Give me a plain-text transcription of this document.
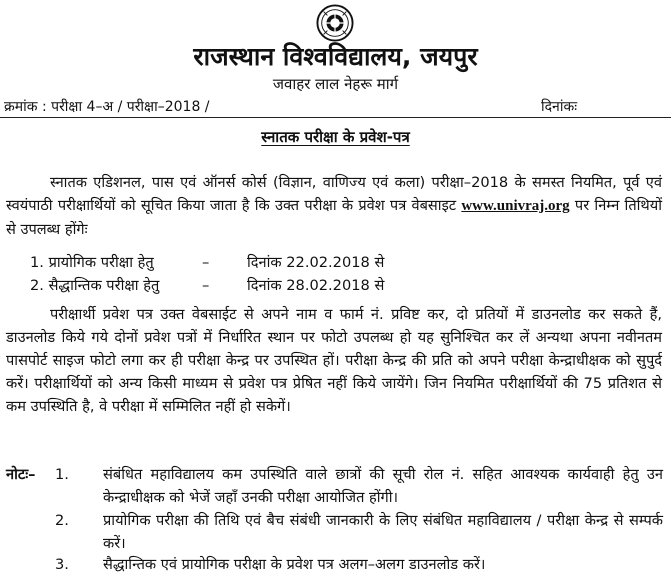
राजस्थान विश्वविद्यालय, जयपुर
जवाहर लाल नेहरू मार्ग
क्रमांक : परीक्षा 4–अ / परीक्षा–2018 /	दिनांकः
स्नातक परीक्षा के प्रवेश-पत्र

स्नातक एडिशनल, पास एवं ऑनर्स कोर्स (विज्ञान, वाणिज्य एवं कला) परीक्षा–2018 के समस्त नियमित, पूर्व एवं स्वयंपाठी परीक्षार्थियों को सूचित किया जाता है कि उक्त परीक्षा के प्रवेश पत्र वेबसाइट www.univraj.org पर निम्न तिथियों से उपलब्ध होंगेः

1. प्रायोगिक परीक्षा हेतु	–	दिनांक 22.02.2018 से
2. सैद्धान्तिक परीक्षा हेतु	–	दिनांक 28.02.2018 से

परीक्षार्थी प्रवेश पत्र उक्त वेबसाईट से अपने नाम व फार्म नं. प्रविष्ट कर, दो प्रतियों में डाउनलोड कर सकते हैं, डाउनलोड किये गये दोनों प्रवेश पत्रों में निर्धारित स्थान पर फोटो उपलब्ध हो यह सुनिश्चित कर लें अन्यथा अपना नवीनतम पासपोर्ट साइज फोटो लगा कर ही परीक्षा केन्द्र पर उपस्थित हों। परीक्षा केन्द्र की प्रति को अपने परीक्षा केन्द्राधीक्षक को सुपुर्द करें। परीक्षार्थियों को अन्य किसी माध्यम से प्रवेश पत्र प्रेषित नहीं किये जायेंगे। जिन नियमित परीक्षार्थियों की 75 प्रतिशत से कम उपस्थिति है, वे परीक्षा में सम्मिलित नहीं हो सकेगें।

नोटः– 1. संबंधित महाविद्यालय कम उपस्थिति वाले छात्रों की सूची रोल नं. सहित आवश्यक कार्यवाही हेतु उन केन्द्राधीक्षक को भेजें जहाँ उनकी परीक्षा आयोजित होंगी।

2. प्रायोगिक परीक्षा की तिथि एवं बैच संबंधी जानकारी के लिए संबंधित महाविद्यालय / परीक्षा केन्द्र से सम्पर्क करें।

3. सैद्धान्तिक एवं प्रायोगिक परीक्षा के प्रवेश पत्र अलग–अलग डाउनलोड करें।
